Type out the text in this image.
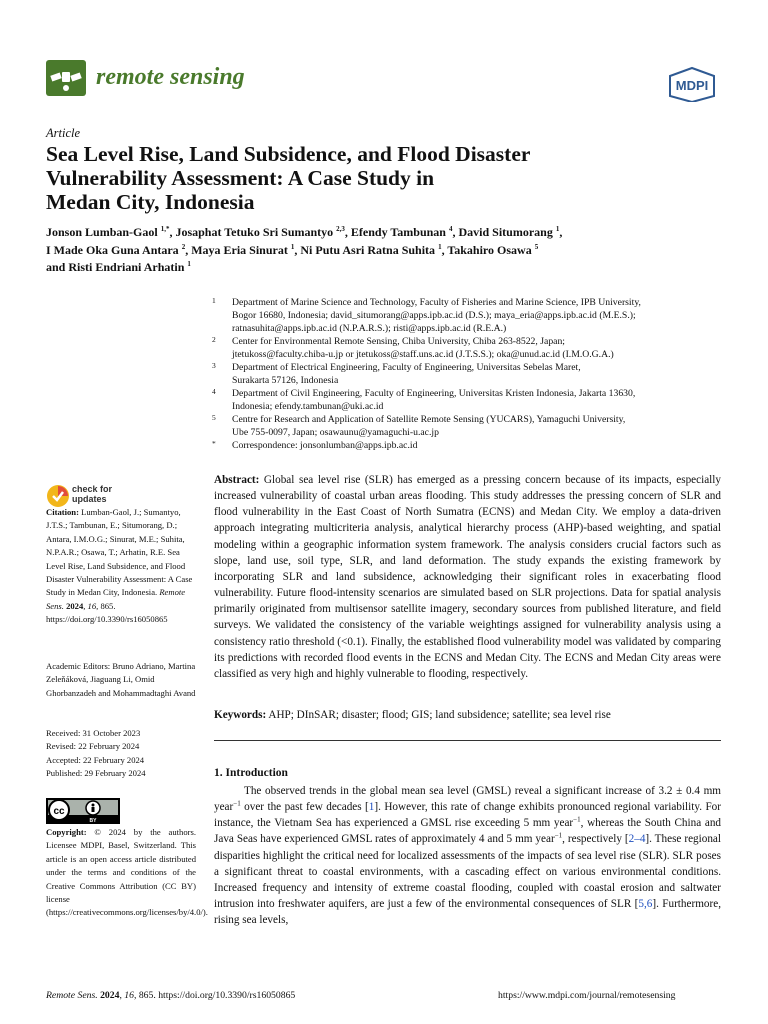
remote sensing	MDPI
Article
Sea Level Rise, Land Subsidence, and Flood Disaster
Vulnerability Assessment: A Case Study in
Medan City, Indonesia
Jonson Lumban-Gaol $^{1,*}$, Josaphat Tetuko Sri Sumantyo $^{2,3}$, Efendy Tambunan $^4$, David Situmorang $^1$,
I Made Oka Guna Antara $^2$, Maya Eria Sinurat $^1$, Ni Putu Asri Ratna Suhita $^1$, Takahiro Osawa $^5$
and Risti Endriani Arhatin $^1$
1 Department of Marine Science and Technology, Faculty of Fisheries and Marine Science, IPB University,
Bogor 16680, Indonesia; david_situmorang@apps.ipb.ac.id (D.S.); maya_eria@apps.ipb.ac.id (M.E.S.);
ratnasuhita@apps.ipb.ac.id (N.P.A.R.S.); risti@apps.ipb.ac.id (R.E.A.)
2 Center for Environmental Remote Sensing, Chiba University, Chiba 263-8522, Japan;
jtetukoss@faculty.chiba-u.jp or jtetukoss@staff.uns.ac.id (J.T.S.S.); oka@unud.ac.id (I.M.O.G.A.)
3 Department of Electrical Engineering, Faculty of Engineering, Universitas Sebelas Maret,
Surakarta 57126, Indonesia
4 Department of Civil Engineering, Faculty of Engineering, Universitas Kristen Indonesia, Jakarta 13630,
Indonesia; efendy.tambunan@uki.ac.id
5 Centre for Research and Application of Satellite Remote Sensing (YUCARS), Yamaguchi University,
Ube 755-0097, Japan; osawaunu@yamaguchi-u.ac.jp
* Correspondence: jonsonlumban@apps.ipb.ac.id
check for
updates
Citation: Lumban-Gaol, J.; Sumantyo, J.T.S.; Tambunan, E.; Situmorang, D.; Antara, I.M.O.G.; Sinurat, M.E.; Suhita, N.P.A.R.; Osawa, T.; Arhatin, R.E. Sea Level Rise, Land Subsidence, and Flood Disaster Vulnerability Assessment: A Case Study in Medan City, Indonesia. Remote Sens. 2024, 16, 865. https://doi.org/10.3390/rs16050865
Academic Editors: Bruno Adriano, Martina Zeleňáková, Jiaguang Li, Omid Ghorbanzadeh and Mohammadtaghi Avand
Received: 31 October 2023
Revised: 22 February 2024
Accepted: 22 February 2024
Published: 29 February 2024
cc
BY
Copyright: © 2024 by the authors. Licensee MDPI, Basel, Switzerland. This article is an open access article distributed under the terms and conditions of the Creative Commons Attribution (CC BY) license (https://creativecommons.org/licenses/by/4.0/).
Abstract: Global sea level rise (SLR) has emerged as a pressing concern because of its impacts, especially increased vulnerability of coastal urban areas flooding. This study addresses the pressing concern of SLR and flood vulnerability in the East Coast of North Sumatra (ECNS) and Medan City. We employ a data-driven approach integrating multicriteria analysis, analytical hierarchy process (AHP)-based weighting, and spatial modeling within a geographic information system framework. The analysis considers crucial factors such as slope, land use, soil type, SLR, and land deformation. The study expands the existing framework by incorporating SLR and land subsidence, acknowledging their significant roles in exacerbating flood vulnerability. Future flood-intensity scenarios are simulated based on SLR projections. Data for spatial analysis primarily originated from multisensor satellite imagery, secondary sources from published literature, and field surveys. We validated the consistency of the variable weightings assigned for vulnerability analysis using a consistency ratio threshold (<0.1). Finally, the established flood vulnerability model was validated by comparing its predictions with recorded flood events in the ECNS and Medan City. The ECNS and Medan City areas were classified as very high and highly vulnerable to flooding, respectively.
Keywords: AHP; DInSAR; disaster; flood; GIS; land subsidence; satellite; sea level rise
1. Introduction
The observed trends in the global mean sea level (GMSL) reveal a significant increase of 3.2 ± 0.4 mm year$^{-1}$ over the past few decades [1]. However, this rate of change exhibits pronounced regional variability. For instance, the Vietnam Sea has experienced a GMSL rise exceeding 5 mm year$^{-1}$, whereas the South China and Java Seas have experienced GMSL rates of approximately 4 and 5 mm year$^{-1}$, respectively [2–4]. These regional disparities highlight the critical need for localized assessments of the impacts of sea level rise (SLR). SLR poses a significant threat to coastal environments, with a cascading effect on various environmental conditions. Increased frequency and intensity of extreme coastal flooding, coupled with coastal erosion and saltwater intrusion into freshwater aquifers, are just a few of the environmental consequences of SLR [5,6]. Furthermore, rising sea levels,
Remote Sens. 2024, 16, 865. https://doi.org/10.3390/rs16050865	https://www.mdpi.com/journal/remotesensing
